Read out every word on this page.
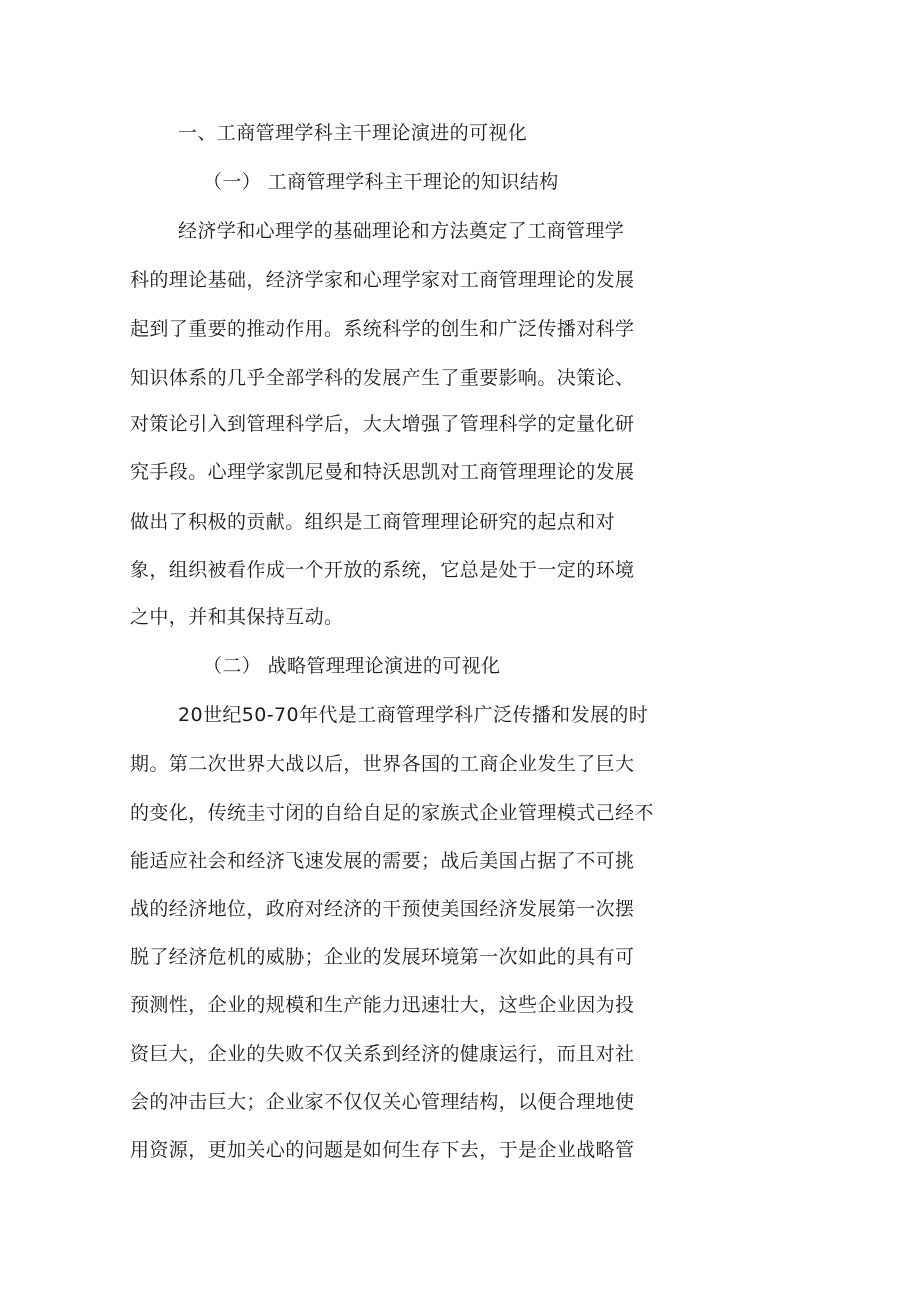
一、工商管理学科主干理论演进的可视化
（一） 工商管理学科主干理论的知识结构
经济学和心理学的基础理论和方法奠定了工商管理学
科的理论基础，经济学家和心理学家对工商管理理论的发展
起到了重要的推动作用。系统科学的创生和广泛传播对科学
知识体系的几乎全部学科的发展产生了重要影响。决策论、
对策论引入到管理科学后，大大增强了管理科学的定量化研
究手段。心理学家凯尼曼和特沃思凯对工商管理理论的发展
做出了积极的贡献。组织是工商管理理论研究的起点和对
象，组织被看作成一个开放的系统，它总是处于一定的环境
之中，并和其保持互动。
（二） 战略管理理论演进的可视化
20世纪50-70年代是工商管理学科广泛传播和发展的时
期。第二次世界大战以后，世界各国的工商企业发生了巨大
的变化，传统圭寸闭的自给自足的家族式企业管理模式己经不
能适应社会和经济飞速发展的需要；战后美国占据了不可挑
战的经济地位，政府对经济的干预使美国经济发展第一次摆
脱了经济危机的威胁；企业的发展环境第一次如此的具有可
预测性，企业的规模和生产能力迅速壮大，这些企业因为投
资巨大，企业的失败不仅关系到经济的健康运行，而且对社
会的冲击巨大；企业家不仅仅关心管理结构，以便合理地使
用资源，更加关心的问题是如何生存下去，于是企业战略管
